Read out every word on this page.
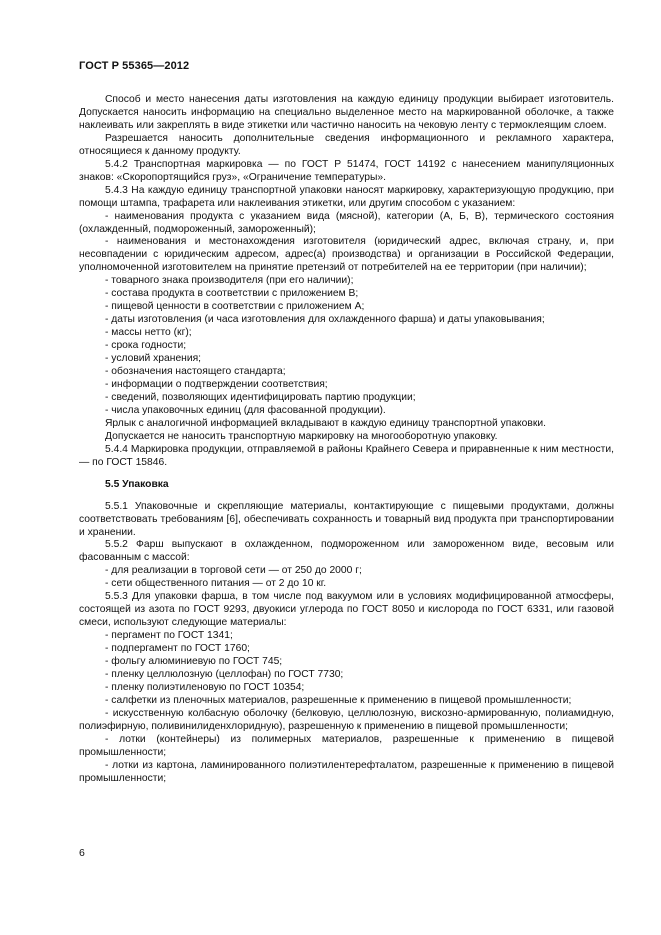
ГОСТ Р 55365—2012

Способ и место нанесения даты изготовления на каждую единицу продукции выбирает изготовитель. Допускается наносить информацию на специально выделенное место на маркированной оболочке, а также наклеивать или закреплять в виде этикетки или частично наносить на чековую ленту с термоклеящим слоем.

Разрешается наносить дополнительные сведения информационного и рекламного характера, относящиеся к данному продукту.

5.4.2 Транспортная маркировка — по ГОСТ Р 51474, ГОСТ 14192 с нанесением манипуляционных знаков: «Скоропортящийся груз», «Ограничение температуры».

5.4.3 На каждую единицу транспортной упаковки наносят маркировку, характеризующую продукцию, при помощи штампа, трафарета или наклеивания этикетки, или другим способом с указанием:

- наименования продукта с указанием вида (мясной), категории (А, Б, В), термического состояния (охлажденный, подмороженный, замороженный);

- наименования и местонахождения изготовителя (юридический адрес, включая страну, и, при несовпадении с юридическим адресом, адрес(а) производства) и организации в Российской Федерации, уполномоченной изготовителем на принятие претензий от потребителей на ее территории (при наличии);

- товарного знака производителя (при его наличии);

- состава продукта в соответствии с приложением В;

- пищевой ценности в соответствии с приложением А;

- даты изготовления (и часа изготовления для охлажденного фарша) и даты упаковывания;

- массы нетто (кг);

- срока годности;

- условий хранения;

- обозначения настоящего стандарта;

- информации о подтверждении соответствия;

- сведений, позволяющих идентифицировать партию продукции;

- числа упаковочных единиц (для фасованной продукции).

Ярлык с аналогичной информацией вкладывают в каждую единицу транспортной упаковки.

Допускается не наносить транспортную маркировку на многооборотную упаковку.

5.4.4 Маркировка продукции, отправляемой в районы Крайнего Севера и приравненные к ним местности, — по ГОСТ 15846.

5.5 Упаковка

5.5.1 Упаковочные и скрепляющие материалы, контактирующие с пищевыми продуктами, должны соответствовать требованиям [6], обеспечивать сохранность и товарный вид продукта при транспортировании и хранении.

5.5.2 Фарш выпускают в охлажденном, подмороженном или замороженном виде, весовым или фасованным с массой:

- для реализации в торговой сети — от 250 до 2000 г;

- сети общественного питания — от 2 до 10 кг.

5.5.3 Для упаковки фарша, в том числе под вакуумом или в условиях модифицированной атмосферы, состоящей из азота по ГОСТ 9293, двуокиси углерода по ГОСТ 8050 и кислорода по ГОСТ 6331, или газовой смеси, используют следующие материалы:

- пергамент по ГОСТ 1341;

- подпергамент по ГОСТ 1760;

- фольгу алюминиевую по ГОСТ 745;

- пленку целлюлозную (целлофан) по ГОСТ 7730;

- пленку полиэтиленовую по ГОСТ 10354;

- салфетки из пленочных материалов, разрешенные к применению в пищевой промышленности;

- искусственную колбасную оболочку (белковую, целлюлозную, вискозно-армированную, полиамидную, полиэфирную, поливинилиденхлоридную), разрешенную к применению в пищевой промышленности;

- лотки (контейнеры) из полимерных материалов, разрешенные к применению в пищевой промышленности;

- лотки из картона, ламинированного полиэтилентерефталатом, разрешенные к применению в пищевой промышленности;

6
